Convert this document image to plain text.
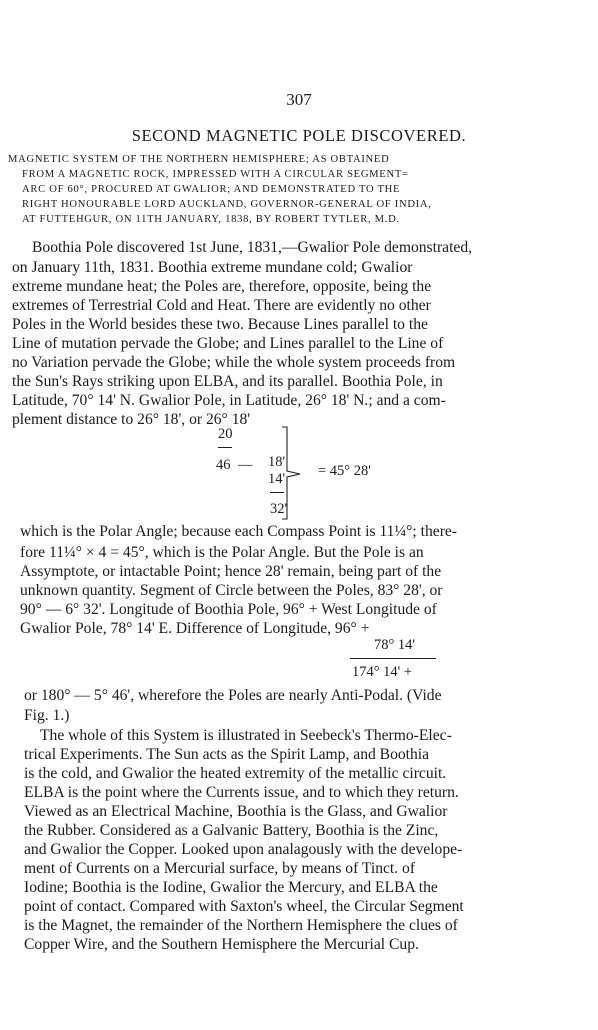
307
SECOND MAGNETIC POLE DISCOVERED.
MAGNETIC SYSTEM OF THE NORTHERN HEMISPHERE; AS OBTAINED
FROM A MAGNETIC ROCK, IMPRESSED WITH A CIRCULAR SEGMENT=
ARC OF 60°, PROCURED AT GWALIOR; AND DEMONSTRATED TO THE
RIGHT HONOURABLE LORD AUCKLAND, GOVERNOR-GENERAL OF INDIA,
AT FUTTEHGUR, ON 11TH JANUARY, 1838, BY ROBERT TYTLER, M.D.
Boothia Pole discovered 1st June, 1831,—Gwalior Pole demonstrated,
on January 11th, 1831. Boothia extreme mundane cold; Gwalior
extreme mundane heat; the Poles are, therefore, opposite, being the
extremes of Terrestrial Cold and Heat. There are evidently no other
Poles in the World besides these two. Because Lines parallel to the
Line of mutation pervade the Globe; and Lines parallel to the Line of
no Variation pervade the Globe; while the whole system proceeds from
the Sun's Rays striking upon ELBA, and its parallel. Boothia Pole, in
Latitude, 70° 14' N. Gwalior Pole, in Latitude, 26° 18' N.; and a com-
plement distance to 26° 18', or 26° 18'
20
46 — 18'
14'
32'
= 45° 28'
which is the Polar Angle; because each Compass Point is 11¼°; there-
fore 11¼° × 4 = 45°, which is the Polar Angle. But the Pole is an
Assymptote, or intactable Point; hence 28' remain, being part of the
unknown quantity. Segment of Circle between the Poles, 83° 28', or
90° — 6° 32'. Longitude of Boothia Pole, 96° + West Longitude of
Gwalior Pole, 78° 14' E. Difference of Longitude, 96° +
78° 14'
174° 14' +
or 180° — 5° 46', wherefore the Poles are nearly Anti-Podal. (Vide
Fig. 1.)
The whole of this System is illustrated in Seebeck's Thermo-Elec-
trical Experiments. The Sun acts as the Spirit Lamp, and Boothia
is the cold, and Gwalior the heated extremity of the metallic circuit.
ELBA is the point where the Currents issue, and to which they return.
Viewed as an Electrical Machine, Boothia is the Glass, and Gwalior
the Rubber. Considered as a Galvanic Battery, Boothia is the Zinc,
and Gwalior the Copper. Looked upon analagously with the develope-
ment of Currents on a Mercurial surface, by means of Tinct. of
Iodine; Boothia is the Iodine, Gwalior the Mercury, and ELBA the
point of contact. Compared with Saxton's wheel, the Circular Segment
is the Magnet, the remainder of the Northern Hemisphere the clues of
Copper Wire, and the Southern Hemisphere the Mercurial Cup.
